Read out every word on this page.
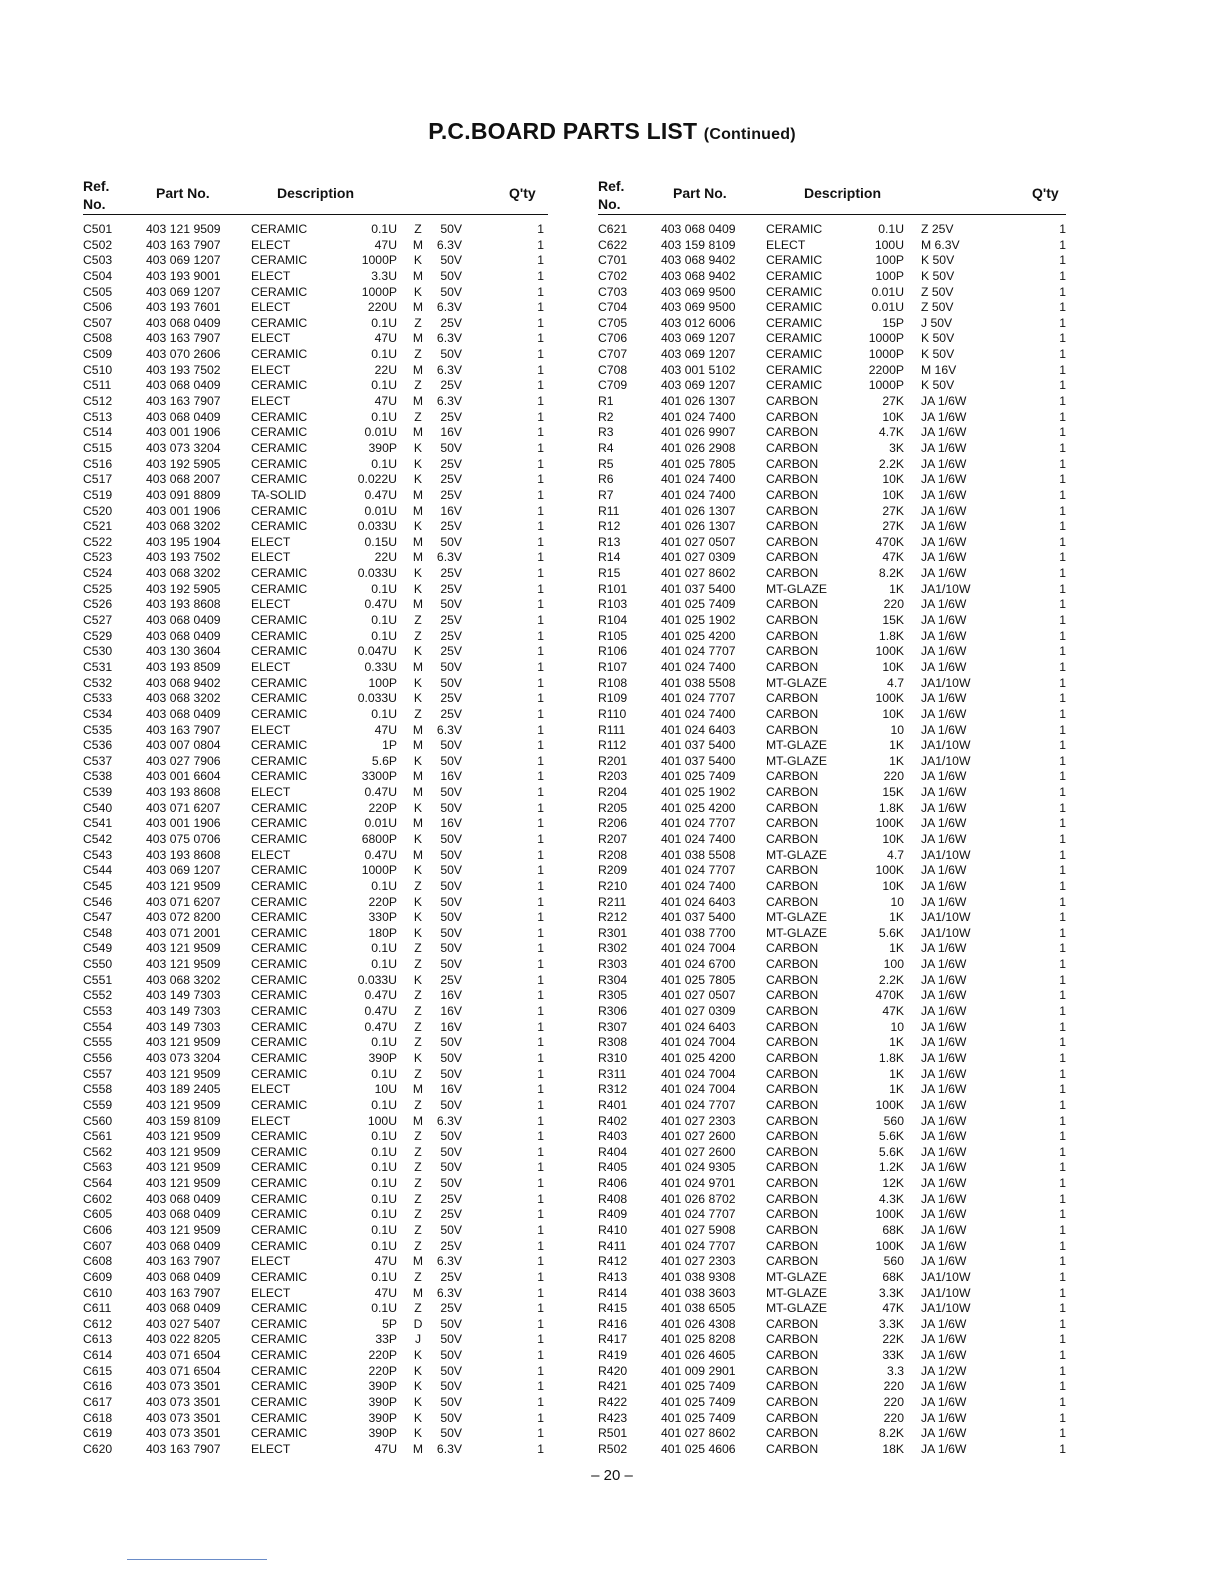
P.C.BOARD PARTS LIST (Continued)
Ref.
No.
Part No.	Description	Q'ty
C501	403 121 9509 CERAMIC	0.1U Z	50V	1
C502	403 163 7907 ELECT	47U M	6.3V	1
C503	403 069 1207 CERAMIC	1000P K	50V	1
C504	403 193 9001 ELECT	3.3U M	50V	1
C505	403 069 1207 CERAMIC	1000P K	50V	1
C506	403 193 7601 ELECT	220U M	6.3V	1
C507	403 068 0409 CERAMIC	0.1U Z	25V	1
C508	403 163 7907 ELECT	47U M	6.3V	1
C509	403 070 2606 CERAMIC	0.1U Z	50V	1
C510	403 193 7502 ELECT	22U M	6.3V	1
C511	403 068 0409 CERAMIC	0.1U Z	25V	1
C512	403 163 7907 ELECT	47U M	6.3V	1
C513	403 068 0409 CERAMIC	0.1U Z	25V	1
C514	403 001 1906 CERAMIC	0.01U M	16V	1
C515	403 073 3204 CERAMIC	390P K	50V	1
C516	403 192 5905 CERAMIC	0.1U K	25V	1
C517	403 068 2007 CERAMIC	0.022U K	25V	1
C519	403 091 8809 TA-SOLID	0.47U M	25V	1
C520	403 001 1906 CERAMIC	0.01U M	16V	1
C521	403 068 3202 CERAMIC	0.033U K	25V	1
C522	403 195 1904 ELECT	0.15U M	50V	1
C523	403 193 7502 ELECT	22U M	6.3V	1
C524	403 068 3202 CERAMIC	0.033U K	25V	1
C525	403 192 5905 CERAMIC	0.1U K	25V	1
C526	403 193 8608 ELECT	0.47U M	50V	1
C527	403 068 0409 CERAMIC	0.1U Z	25V	1
C529	403 068 0409 CERAMIC	0.1U Z	25V	1
C530	403 130 3604 CERAMIC	0.047U K	25V	1
C531	403 193 8509 ELECT	0.33U M	50V	1
C532	403 068 9402 CERAMIC	100P K	50V	1
C533	403 068 3202 CERAMIC	0.033U K	25V	1
C534	403 068 0409 CERAMIC	0.1U Z	25V	1
C535	403 163 7907 ELECT	47U M	6.3V	1
C536	403 007 0804 CERAMIC	1P M	50V	1
C537	403 027 7906 CERAMIC	5.6P K	50V	1
C538	403 001 6604 CERAMIC	3300P M	16V	1
C539	403 193 8608 ELECT	0.47U M	50V	1
C540	403 071 6207 CERAMIC	220P K	50V	1
C541	403 001 1906 CERAMIC	0.01U M	16V	1
C542	403 075 0706 CERAMIC	6800P K	50V	1
C543	403 193 8608 ELECT	0.47U M	50V	1
C544	403 069 1207 CERAMIC	1000P K	50V	1
C545	403 121 9509 CERAMIC	0.1U Z	50V	1
C546	403 071 6207 CERAMIC	220P K	50V	1
C547	403 072 8200 CERAMIC	330P K	50V	1
C548	403 071 2001 CERAMIC	180P K	50V	1
C549	403 121 9509 CERAMIC	0.1U Z	50V	1
C550	403 121 9509 CERAMIC	0.1U Z	50V	1
C551	403 068 3202 CERAMIC	0.033U K	25V	1
C552	403 149 7303 CERAMIC	0.47U Z	16V	1
C553	403 149 7303 CERAMIC	0.47U Z	16V	1
C554	403 149 7303 CERAMIC	0.47U Z	16V	1
C555	403 121 9509 CERAMIC	0.1U Z	50V	1
C556	403 073 3204 CERAMIC	390P K	50V	1
C557	403 121 9509 CERAMIC	0.1U Z	50V	1
C558	403 189 2405 ELECT	10U M	16V	1
C559	403 121 9509 CERAMIC	0.1U Z	50V	1
C560	403 159 8109 ELECT	100U M	6.3V	1
C561	403 121 9509 CERAMIC	0.1U Z	50V	1
C562	403 121 9509 CERAMIC	0.1U Z	50V	1
C563	403 121 9509 CERAMIC	0.1U Z	50V	1
C564	403 121 9509 CERAMIC	0.1U Z	50V	1
C602	403 068 0409 CERAMIC	0.1U Z	25V	1
C605	403 068 0409 CERAMIC	0.1U Z	25V	1
C606	403 121 9509 CERAMIC	0.1U Z	50V	1
C607	403 068 0409 CERAMIC	0.1U Z	25V	1
C608	403 163 7907 ELECT	47U M	6.3V	1
C609	403 068 0409 CERAMIC	0.1U Z	25V	1
C610	403 163 7907 ELECT	47U M	6.3V	1
C611	403 068 0409 CERAMIC	0.1U Z	25V	1
C612	403 027 5407 CERAMIC	5P D	50V	1
C613	403 022 8205 CERAMIC	33P	J	50V	1
C614	403 071 6504 CERAMIC	220P K	50V	1
C615	403 071 6504 CERAMIC	220P K	50V	1
C616	403 073 3501 CERAMIC	390P K	50V	1
C617	403 073 3501 CERAMIC	390P K	50V	1
C618	403 073 3501 CERAMIC	390P K	50V	1
C619	403 073 3501 CERAMIC	390P K	50V	1
C620	403 163 7907 ELECT	47U M	6.3V	1
Ref.
No.
Part No.	Description	Q'ty
C621	403 068 0409 CERAMIC	0.1U Z 25V	1
C622	403 159 8109 ELECT	100U M 6.3V	1
C701	403 068 9402 CERAMIC	100P K 50V	1
C702	403 068 9402 CERAMIC	100P K 50V	1
C703	403 069 9500 CERAMIC	0.01U Z 50V	1
C704	403 069 9500 CERAMIC	0.01U Z 50V	1
C705	403 012 6006 CERAMIC	15P J 50V	1
C706	403 069 1207 CERAMIC	1000P K 50V	1
C707	403 069 1207 CERAMIC	1000P K 50V	1
C708	403 001 5102 CERAMIC	2200P M 16V	1
C709	403 069 1207 CERAMIC	1000P K 50V	1
R1	401 026 1307 CARBON	27K JA 1/6W	1
R2	401 024 7400 CARBON	10K JA 1/6W	1
R3	401 026 9907 CARBON	4.7K JA 1/6W	1
R4	401 026 2908 CARBON	3K JA 1/6W	1
R5	401 025 7805 CARBON	2.2K JA 1/6W	1
R6	401 024 7400 CARBON	10K JA 1/6W	1
R7	401 024 7400 CARBON	10K JA 1/6W	1
R11	401 026 1307 CARBON	27K JA 1/6W	1
R12	401 026 1307 CARBON	27K JA 1/6W	1
R13	401 027 0507 CARBON	470K JA 1/6W	1
R14	401 027 0309 CARBON	47K JA 1/6W	1
R15	401 027 8602 CARBON	8.2K JA 1/6W	1
R101	401 037 5400 MT-GLAZE	1K JA1/10W	1
R103	401 025 7409 CARBON	220 JA 1/6W	1
R104	401 025 1902 CARBON	15K JA 1/6W	1
R105	401 025 4200 CARBON	1.8K JA 1/6W	1
R106	401 024 7707 CARBON	100K JA 1/6W	1
R107	401 024 7400 CARBON	10K JA 1/6W	1
R108	401 038 5508 MT-GLAZE	4.7 JA1/10W	1
R109	401 024 7707 CARBON	100K JA 1/6W	1
R110	401 024 7400 CARBON	10K JA 1/6W	1
R111	401 024 6403 CARBON	10 JA 1/6W	1
R112	401 037 5400 MT-GLAZE	1K JA1/10W	1
R201	401 037 5400 MT-GLAZE	1K JA1/10W	1
R203	401 025 7409 CARBON	220 JA 1/6W	1
R204	401 025 1902 CARBON	15K JA 1/6W	1
R205	401 025 4200 CARBON	1.8K JA 1/6W	1
R206	401 024 7707 CARBON	100K JA 1/6W	1
R207	401 024 7400 CARBON	10K JA 1/6W	1
R208	401 038 5508 MT-GLAZE	4.7 JA1/10W	1
R209	401 024 7707 CARBON	100K JA 1/6W	1
R210	401 024 7400 CARBON	10K JA 1/6W	1
R211	401 024 6403 CARBON	10 JA 1/6W	1
R212	401 037 5400 MT-GLAZE	1K JA1/10W	1
R301	401 038 7700 MT-GLAZE	5.6K JA1/10W	1
R302	401 024 7004 CARBON	1K JA 1/6W	1
R303	401 024 6700 CARBON	100 JA 1/6W	1
R304	401 025 7805 CARBON	2.2K JA 1/6W	1
R305	401 027 0507 CARBON	470K JA 1/6W	1
R306	401 027 0309 CARBON	47K JA 1/6W	1
R307	401 024 6403 CARBON	10 JA 1/6W	1
R308	401 024 7004 CARBON	1K JA 1/6W	1
R310	401 025 4200 CARBON	1.8K JA 1/6W	1
R311	401 024 7004 CARBON	1K JA 1/6W	1
R312	401 024 7004 CARBON	1K JA 1/6W	1
R401	401 024 7707 CARBON	100K JA 1/6W	1
R402	401 027 2303 CARBON	560 JA 1/6W	1
R403	401 027 2600 CARBON	5.6K JA 1/6W	1
R404	401 027 2600 CARBON	5.6K JA 1/6W	1
R405	401 024 9305 CARBON	1.2K JA 1/6W	1
R406	401 024 9701 CARBON	12K JA 1/6W	1
R408	401 026 8702 CARBON	4.3K JA 1/6W	1
R409	401 024 7707 CARBON	100K JA 1/6W	1
R410	401 027 5908 CARBON	68K JA 1/6W	1
R411	401 024 7707 CARBON	100K JA 1/6W	1
R412	401 027 2303 CARBON	560 JA 1/6W	1
R413	401 038 9308 MT-GLAZE	68K JA1/10W	1
R414	401 038 3603 MT-GLAZE	3.3K JA1/10W	1
R415	401 038 6505 MT-GLAZE	47K JA1/10W	1
R416	401 026 4308 CARBON	3.3K JA 1/6W	1
R417	401 025 8208 CARBON	22K JA 1/6W	1
R419	401 026 4605 CARBON	33K JA 1/6W	1
R420	401 009 2901 CARBON	3.3 JA 1/2W	1
R421	401 025 7409 CARBON	220 JA 1/6W	1
R422	401 025 7409 CARBON	220 JA 1/6W	1
R423	401 025 7409 CARBON	220 JA 1/6W	1
R501	401 027 8602 CARBON	8.2K JA 1/6W	1
R502	401 025 4606 CARBON	18K JA 1/6W	1
– 20 –
